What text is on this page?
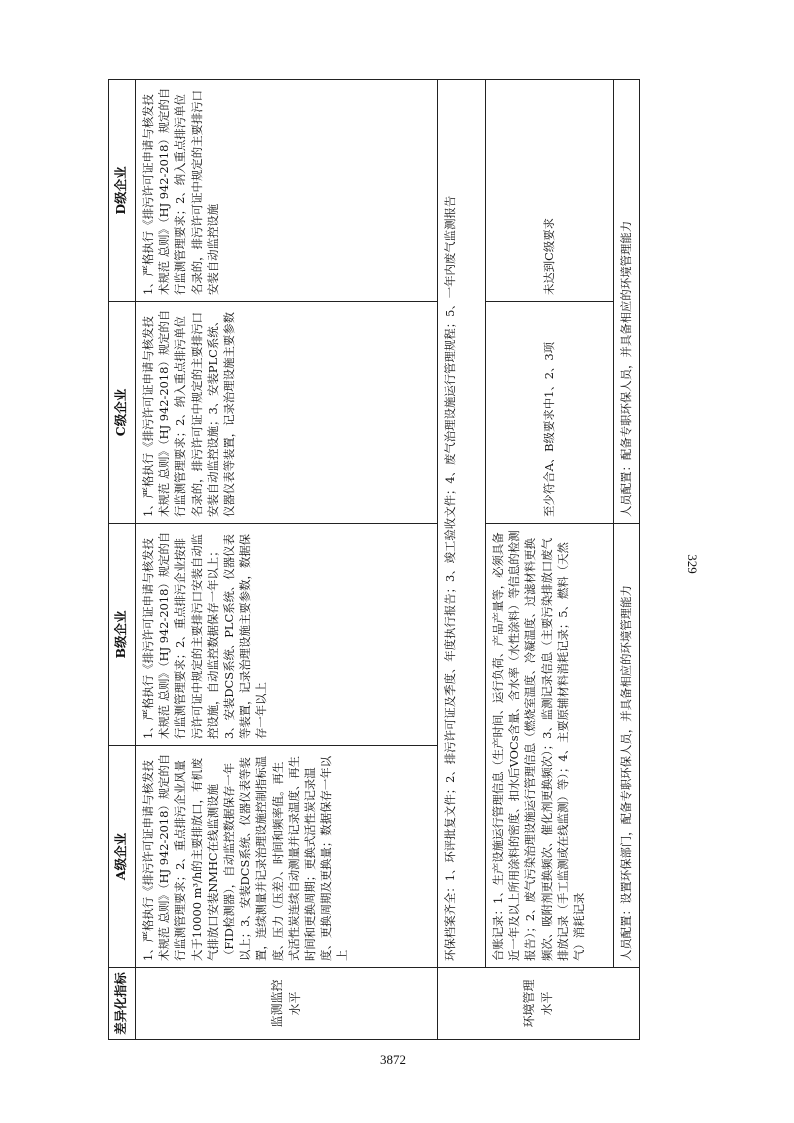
3872
329
差异化指标	A级企业	B级企业	C级企业	D级企业
监测监控水平	1、严格执行《排污许可证申请与核发技术规范 总则》（HJ 942-2018）规定的自行监测管理要求；2、重点排污企业风量大于10000 m³/h的主要排放口，有机废气排放口安装NMHC在线监测设施（FID检测器），自动监控数据保存一年以上；3、安装DCS系统、仪器仪表等装置，连续测量并记录治理设施控制指标温度、压力（压差）、时间和频率值。再生式活性炭连续自动测量并记录温度、再生时间和更换周期；更换式活性炭记录温度、更换周期及更换量；数据保存一年以上	1、严格执行《排污许可证申请与核发技术规范 总则》（HJ 942-2018）规定的自行监测管理要求；2、重点排污企业按排污许可证中规定的主要排污口安装自动监控设施，自动监控数据保存一年以上；3、安装DCS系统、PLC系统、仪器仪表等装置，记录治理设施主要参数，数据保存一年以上	1、严格执行《排污许可证申请与核发技术规范 总则》（HJ 942-2018）规定的自行监测管理要求；2、纳入重点排污单位名录的，排污许可证中规定的主要排污口安装自动监控设施；3、安装PLC系统、仪器仪表等装置，记录治理设施主要参数	1、严格执行《排污许可证申请与核发技术规范 总则》（HJ 942-2018）规定的自行监测管理要求；2、纳入重点排污单位名录的，排污许可证中规定的主要排污口安装自动监控设施
环境管理水平	环保档案齐全：1、环评批复文件；2、排污许可证及季度、年度执行报告；3、竣工验收文件；4、废气治理设施运行管理规程；5、一年内废气监测报告			
	台账记录：1、生产设施运行管理信息（生产时间、运行负荷、产品产量等，必须具备近一年及以上所用涂料的密度、扣水后VOCs含量、含水率（水性涂料）等信息的检测报告）；2、废气污染治理设施运行管理信息（燃烧室温度、冷凝温度、过滤材料更换频次、吸附剂更换频次、催化剂更换频次）；3、监测记录信息（主要污染排放口废气排放记录（手工监测或在线监测）等）；4、主要原辅材料消耗记录；5、燃料（天然气）消耗记录		至少符合A、B级要求中1、2、3项	未达到C级要求
	人员配置：设置环保部门，配备专职环保人员，并具备相应的环境管理能力		人员配置：配备专职环保人员，并具备相应的环境管理能力	
